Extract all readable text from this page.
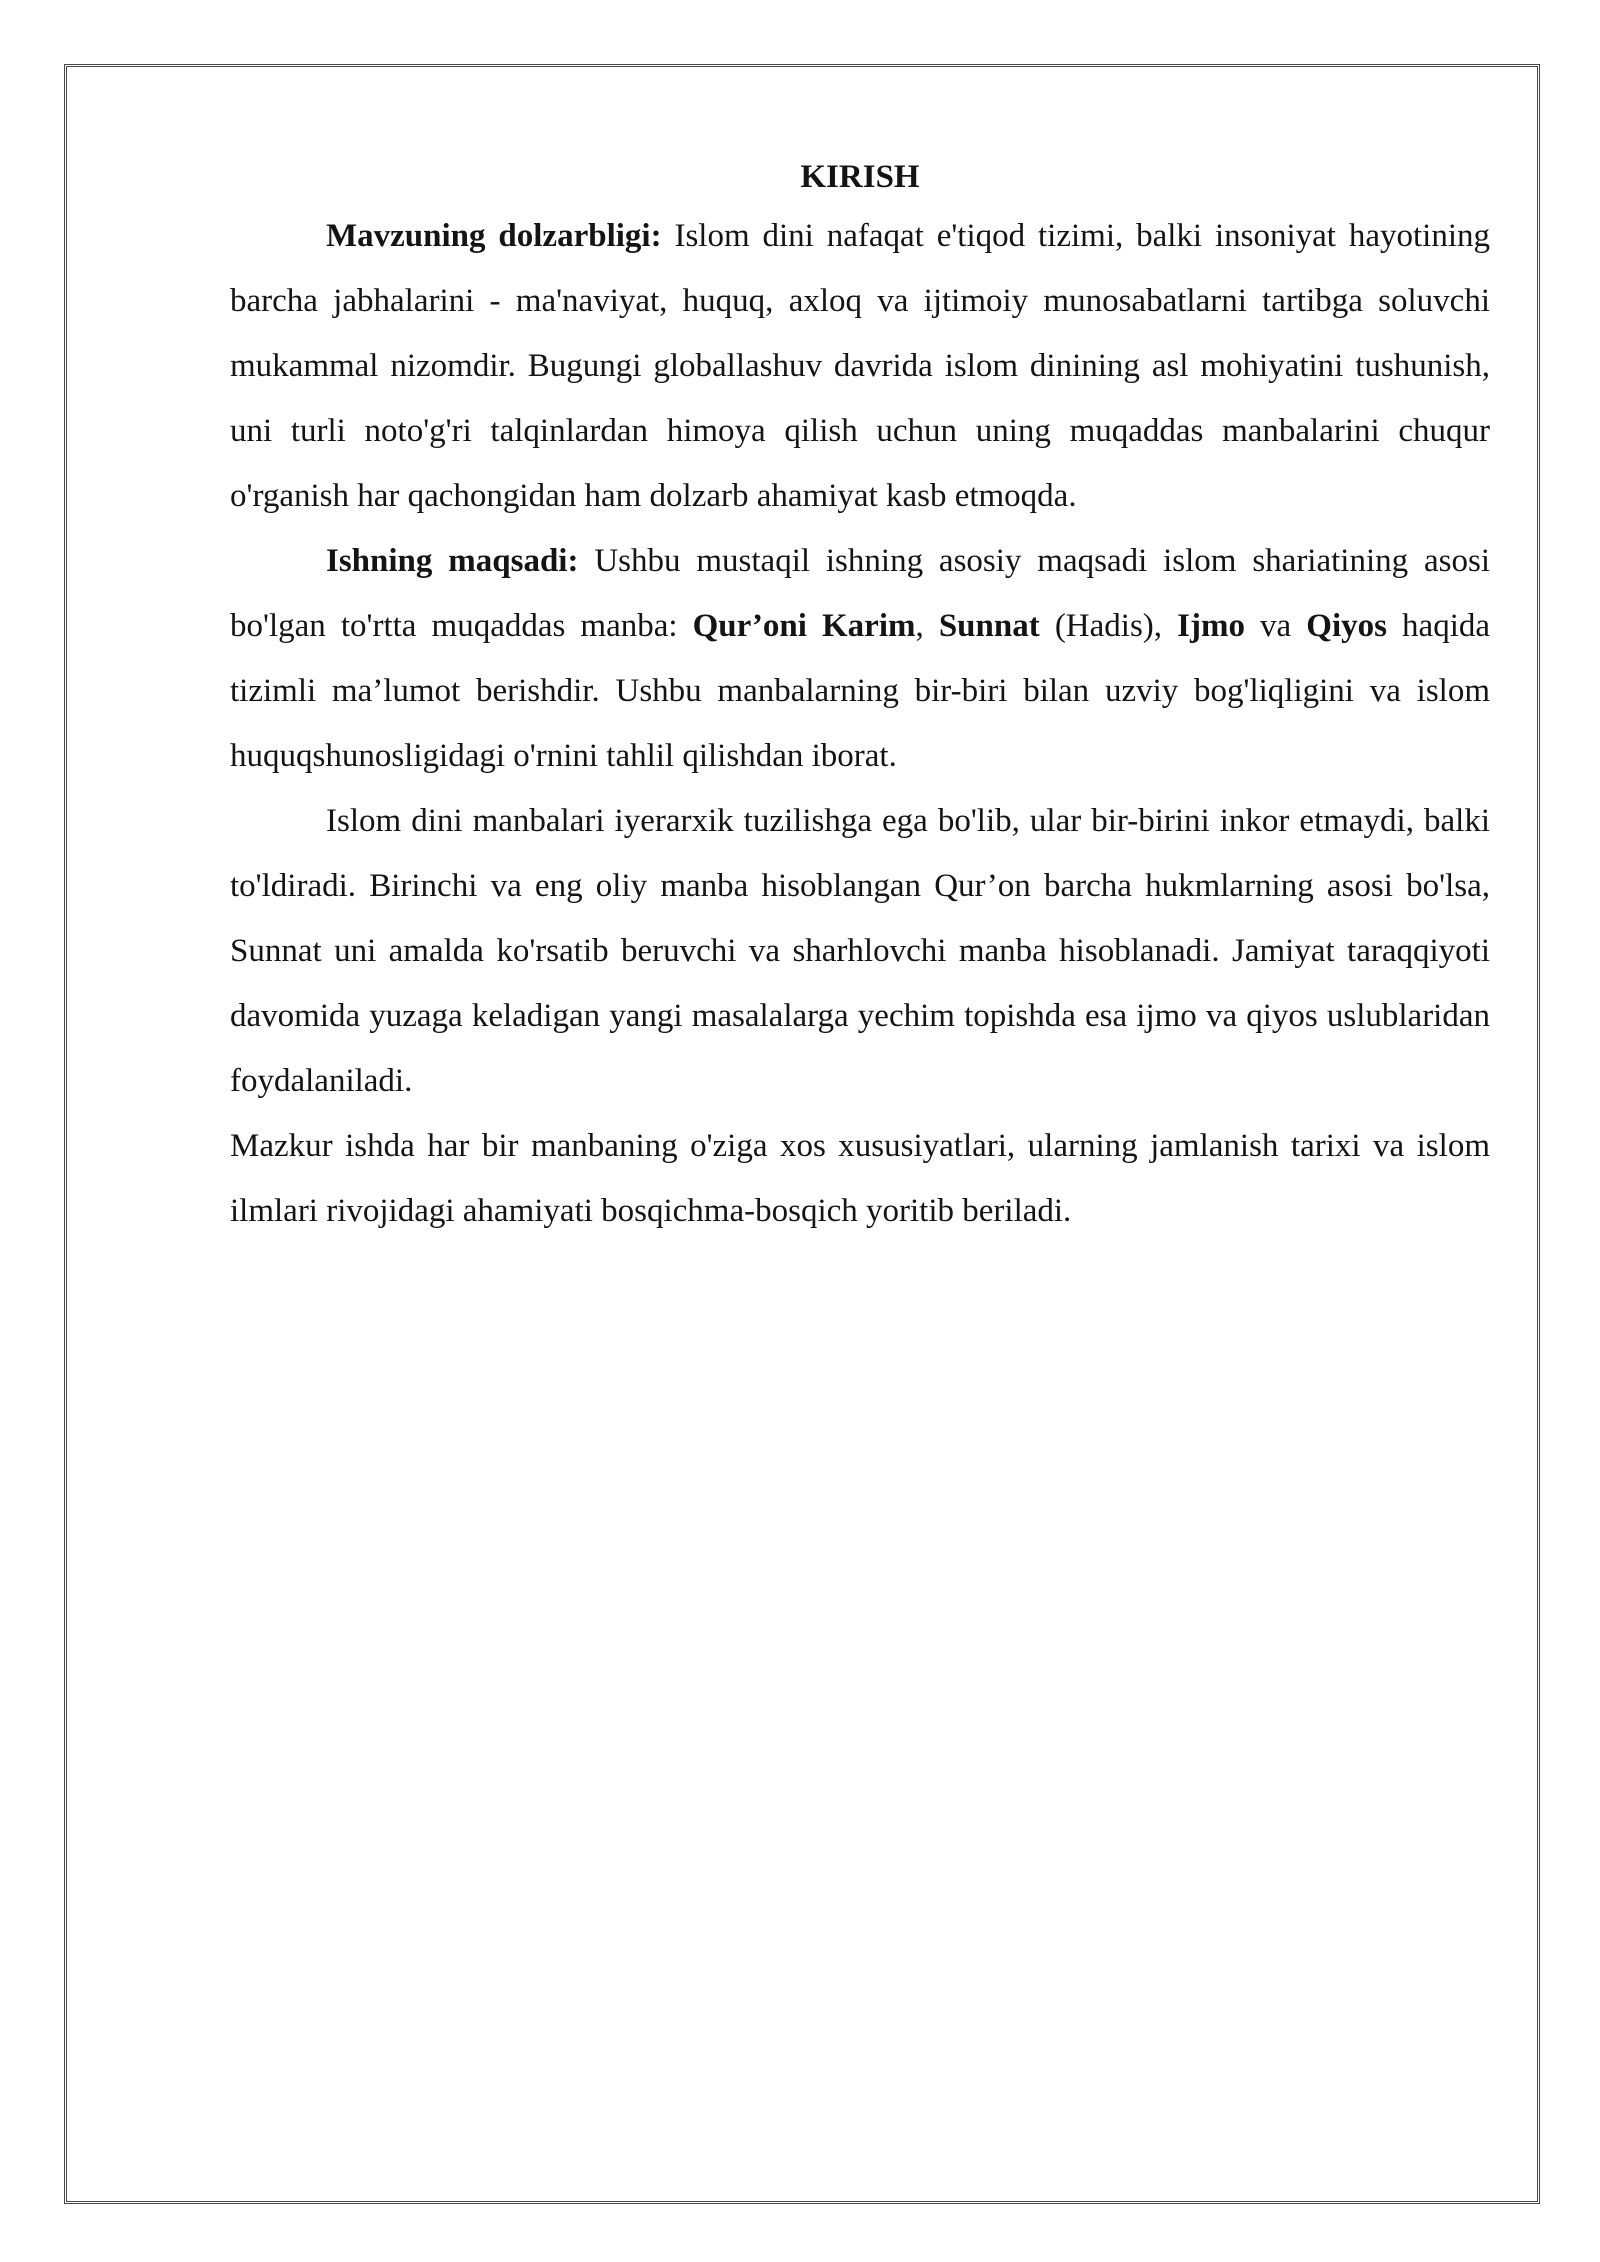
KIRISH

Mavzuning dolzarbligi: Islom dini nafaqat e'tiqod tizimi, balki insoniyat hayotining barcha jabhalarini - ma'naviyat, huquq, axloq va ijtimoiy munosabatlarni tartibga soluvchi mukammal nizomdir. Bugungi globallashuv davrida islom dinining asl mohiyatini tushunish, uni turli noto'g'ri talqinlardan himoya qilish uchun uning muqaddas manbalarini chuqur o'rganish har qachongidan ham dolzarb ahamiyat kasb etmoqda.

Ishning maqsadi: Ushbu mustaqil ishning asosiy maqsadi islom shariatining asosi bo'lgan to'rtta muqaddas manba: Qur’oni Karim, Sunnat (Hadis), Ijmo va Qiyos haqida tizimli ma’lumot berishdir. Ushbu manbalarning bir-biri bilan uzviy bog'liqligini va islom huquqshunosligidagi o'rnini tahlil qilishdan iborat.

Islom dini manbalari iyerarxik tuzilishga ega bo'lib, ular bir-birini inkor etmaydi, balki to'ldiradi. Birinchi va eng oliy manba hisoblangan Qur’on barcha hukmlarning asosi bo'lsa, Sunnat uni amalda ko'rsatib beruvchi va sharhlovchi manba hisoblanadi. Jamiyat taraqqiyoti davomida yuzaga keladigan yangi masalalarga yechim topishda esa ijmo va qiyos uslublaridan foydalaniladi.

Mazkur ishda har bir manbaning o'ziga xos xususiyatlari, ularning jamlanish tarixi va islom ilmlari rivojidagi ahamiyati bosqichma-bosqich yoritib beriladi.
